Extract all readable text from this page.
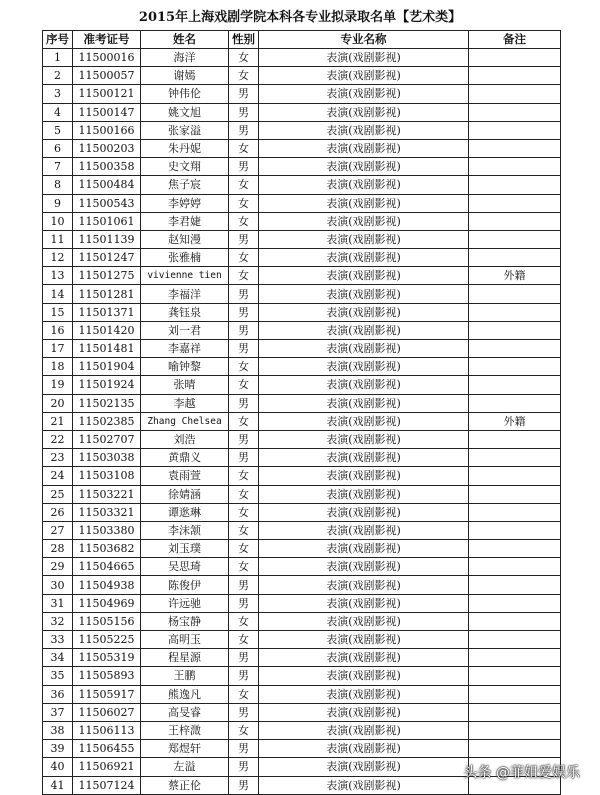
2015年上海戏剧学院本科各专业拟录取名单【艺术类】
序号	准考证号	姓名	性别	专业名称	备注
1	11500016	海洋	女	表演(戏剧影视)	
2	11500057	谢嫣	女	表演(戏剧影视)	
3	11500121	钟伟伦	男	表演(戏剧影视)	
4	11500147	姚文旭	男	表演(戏剧影视)	
5	11500166	张家溢	男	表演(戏剧影视)	
6	11500203	朱丹妮	女	表演(戏剧影视)	
7	11500358	史文翔	男	表演(戏剧影视)	
8	11500484	焦子宸	女	表演(戏剧影视)	
9	11500543	李婷婷	女	表演(戏剧影视)	
10	11501061	李君婕	女	表演(戏剧影视)	
11	11501139	赵知漫	男	表演(戏剧影视)	
12	11501247	张雅楠	女	表演(戏剧影视)	
13	11501275	vivienne tien	女	表演(戏剧影视)	外籍
14	11501281	李福洋	男	表演(戏剧影视)	
15	11501371	龚钰泉	男	表演(戏剧影视)	
16	11501420	刘一君	男	表演(戏剧影视)	
17	11501481	李嘉祥	男	表演(戏剧影视)	
18	11501904	喻钟黎	女	表演(戏剧影视)	
19	11501924	张晴	女	表演(戏剧影视)	
20	11502135	李越	男	表演(戏剧影视)	
21	11502385	Zhang Chelsea	女	表演(戏剧影视)	外籍
22	11502707	刘浩	男	表演(戏剧影视)	
23	11503038	黄鼎义	男	表演(戏剧影视)	
24	11503108	袁雨萱	女	表演(戏剧影视)	
25	11503221	徐婧涵	女	表演(戏剧影视)	
26	11503321	谭逖琳	女	表演(戏剧影视)	
27	11503380	李沫颔	女	表演(戏剧影视)	
28	11503682	刘玉璞	女	表演(戏剧影视)	
29	11504665	吴思琦	女	表演(戏剧影视)	
30	11504938	陈俊伊	男	表演(戏剧影视)	
31	11504969	许远驰	男	表演(戏剧影视)	
32	11505156	杨宝静	女	表演(戏剧影视)	
33	11505225	高明玉	女	表演(戏剧影视)	
34	11505319	程星源	男	表演(戏剧影视)	
35	11505893	王鹏	男	表演(戏剧影视)	
36	11505917	熊逸凡	女	表演(戏剧影视)	
37	11506027	高旻睿	男	表演(戏剧影视)	
38	11506113	王梓溦	女	表演(戏剧影视)	
39	11506455	郑煜轩	男	表演(戏剧影视)	
40	11506921	左溢	男	表演(戏剧影视)	
41	11507124	蔡正伦	男	表演(戏剧影视)	
头条 @菲姐爱娱乐
